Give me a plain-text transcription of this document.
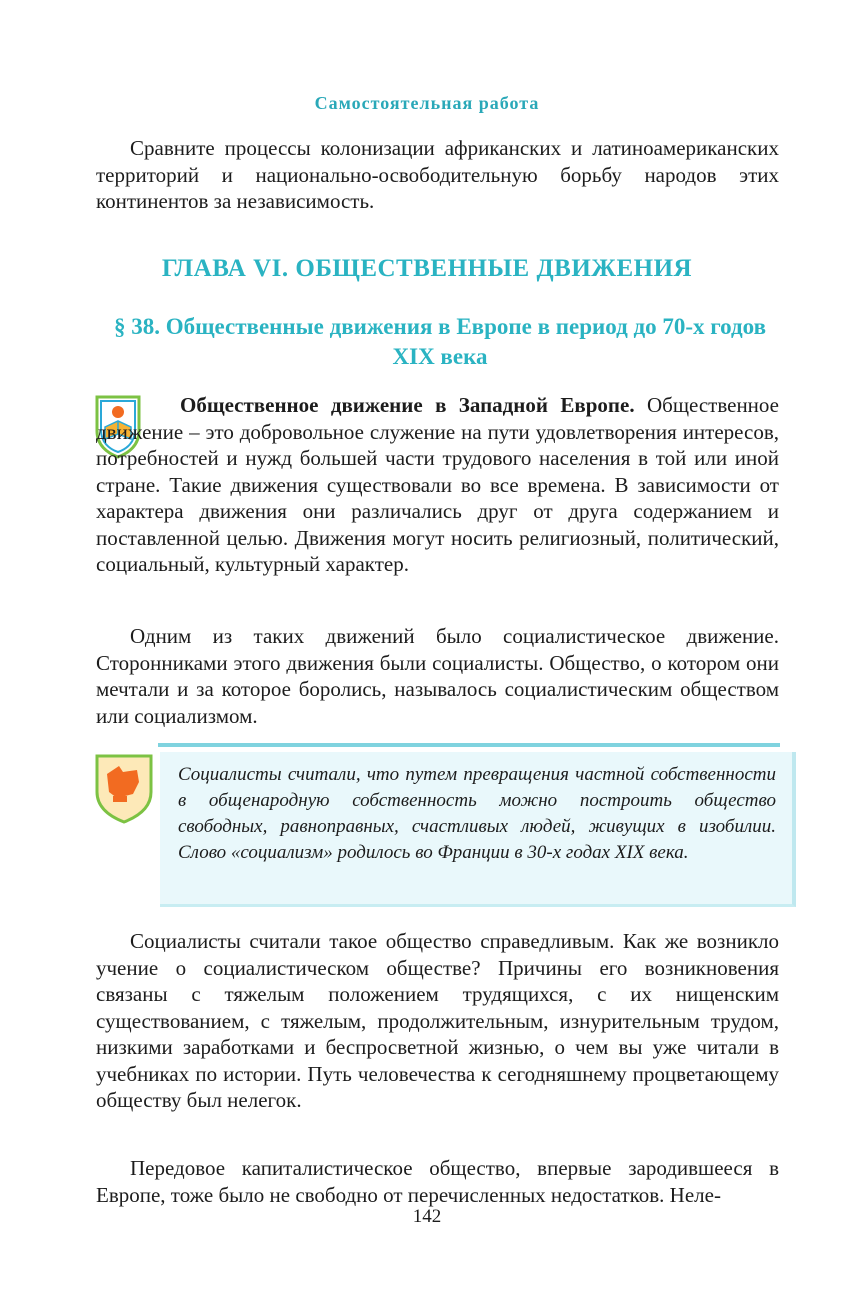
Самостоятельная работа
Сравните процессы колонизации африканских и латиноамериканских территорий и национально-освободительную борьбу народов этих континентов за независимость.
ГЛАВА VI. ОБЩЕСТВЕННЫЕ ДВИЖЕНИЯ
§ 38. Общественные движения в Европе в период до 70-х годов XIX века
Общественное движение в Западной Европе. Общественное движение – это добровольное служение на пути удовлетворения интересов, потребностей и нужд большей части трудового населения в той или иной стране. Такие движения существовали во все времена. В зависимости от характера движения они различались друг от друга содержанием и поставленной целью. Движения могут носить религиозный, политический, социальный, культурный характер.
Одним из таких движений было социалистическое движение. Сторонниками этого движения были социалисты. Общество, о котором они мечтали и за которое боролись, называлось социалистическим обществом или социализмом.
Социалисты считали, что путем превращения частной собственности в общенародную собственность можно построить общество свободных, равноправных, счастливых людей, живущих в изобилии. Слово «социализм» родилось во Франции в 30-х годах XIX века.
Социалисты считали такое общество справедливым. Как же возникло учение о социалистическом обществе? Причины его возникновения связаны с тяжелым положением трудящихся, с их нищенским существованием, с тяжелым, продолжительным, изнурительным трудом, низкими заработками и беспросветной жизнью, о чем вы уже читали в учебниках по истории. Путь человечества к сегодняшнему процветающему обществу был нелегок.
Передовое капиталистическое общество, впервые зародившееся в Европе, тоже было не свободно от перечисленных недостатков. Неле-
142
